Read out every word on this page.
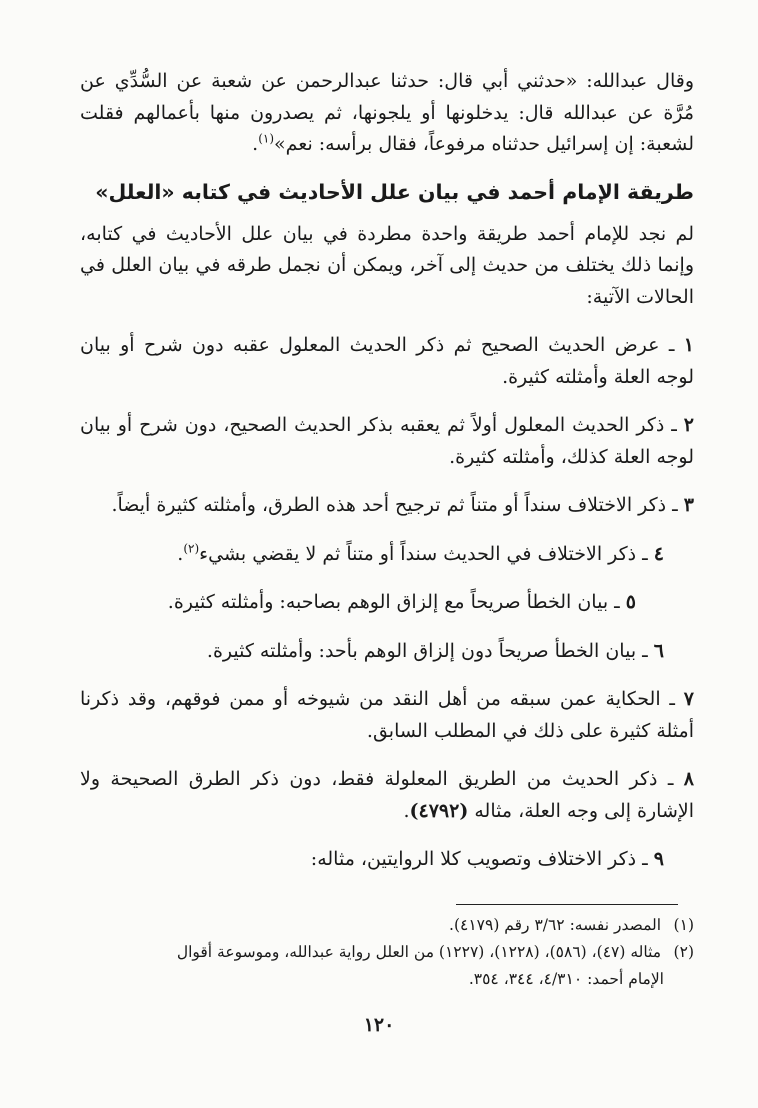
وقال عبدالله: «حدثني أبي قال: حدثنا عبدالرحمن عن شعبة عن السُّدِّي عن مُرَّة عن عبدالله قال: يدخلونها أو يلجونها، ثم يصدرون منها بأعمالهم فقلت لشعبة: إن إسرائيل حدثناه مرفوعاً، فقال برأسه: نعم»$^{(١)}$.

طريقة الإمام أحمد في بيان علل الأحاديث في كتابه «العلل»

لم نجد للإمام أحمد طريقة واحدة مطردة في بيان علل الأحاديث في كتابه، وإنما ذلك يختلف من حديث إلى آخر، ويمكن أن نجمل طرقه في بيان العلل في الحالات الآتية:

١ ـ عرض الحديث الصحيح ثم ذكر الحديث المعلول عقبه دون شرح أو بيان لوجه العلة وأمثلته كثيرة.

٢ ـ ذكر الحديث المعلول أولاً ثم يعقبه بذكر الحديث الصحيح، دون شرح أو بيان لوجه العلة كذلك، وأمثلته كثيرة.

٣ ـ ذكر الاختلاف سنداً أو متناً ثم ترجيح أحد هذه الطرق، وأمثلته كثيرة أيضاً.

٤ ـ ذكر الاختلاف في الحديث سنداً أو متناً ثم لا يقضي بشيء$^{(٢)}$.

٥ ـ بيان الخطأ صريحاً مع إلزاق الوهم بصاحبه: وأمثلته كثيرة.

٦ ـ بيان الخطأ صريحاً دون إلزاق الوهم بأحد: وأمثلته كثيرة.

٧ ـ الحكاية عمن سبقه من أهل النقد من شيوخه أو ممن فوقهم، وقد ذكرنا أمثلة كثيرة على ذلك في المطلب السابق.

٨ ـ ذكر الحديث من الطريق المعلولة فقط، دون ذكر الطرق الصحيحة ولا الإشارة إلى وجه العلة، مثاله (٤٧٩٢).

٩ ـ ذكر الاختلاف وتصويب كلا الروايتين، مثاله:

(١) المصدر نفسه: ٣/٦٢ رقم (٤١٧٩).

(٢) مثاله (٤٧)، (٥٨٦)، (١٢٢٨)، (١٢٢٧) من العلل رواية عبدالله، وموسوعة أقوال

الإمام أحمد: ٤/٣١٠، ٣٤٤، ٣٥٤.

١٢٠
